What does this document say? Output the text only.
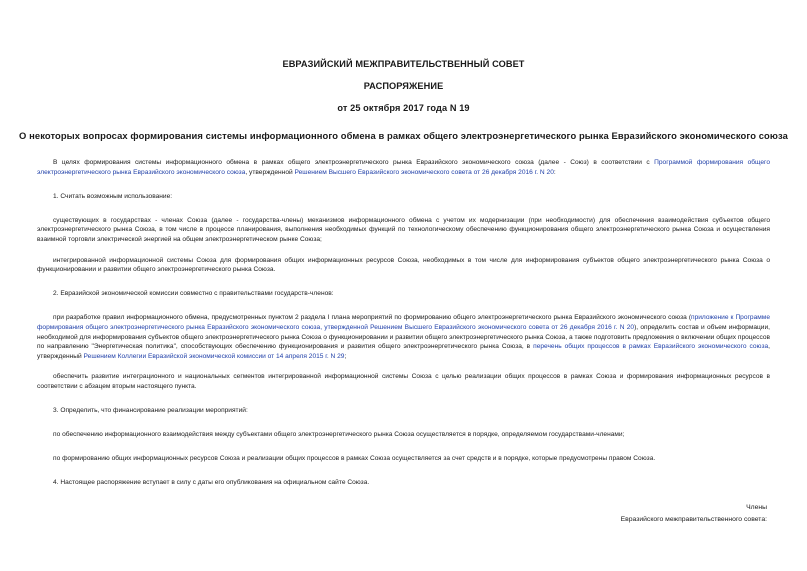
ЕВРАЗИЙСКИЙ МЕЖПРАВИТЕЛЬСТВЕННЫЙ СОВЕТ
РАСПОРЯЖЕНИЕ
от 25 октября 2017 года N 19
О некоторых вопросах формирования системы информационного обмена в рамках общего электроэнергетического рынка Евразийского экономического союза

В целях формирования системы информационного обмена в рамках общего электроэнергетического рынка Евразийского экономического союза (далее - Союз) в соответствии с Программой формирования общего электроэнергетического рынка Евразийского экономического союза, утвержденной Решением Высшего Евразийского экономического совета от 26 декабря 2016 г. N 20:

1. Считать возможным использование:

существующих в государствах - членах Союза (далее - государства-члены) механизмов информационного обмена с учетом их модернизации (при необходимости) для обеспечения взаимодействия субъектов общего электроэнергетического рынка Союза, в том числе в процессе планирования, выполнения необходимых функций по технологическому обеспечению функционирования общего электроэнергетического рынка Союза и осуществления взаимной торговли электрической энергией на общем электроэнергетическом рынке Союза;

интегрированной информационной системы Союза для формирования общих информационных ресурсов Союза, необходимых в том числе для информирования субъектов общего электроэнергетического рынка Союза о функционировании и развитии общего электроэнергетического рынка Союза.

2. Евразийской экономической комиссии совместно с правительствами государств-членов:

при разработке правил информационного обмена, предусмотренных пунктом 2 раздела I плана мероприятий по формированию общего электроэнергетического рынка Евразийского экономического союза (приложение к Программе формирования общего электроэнергетического рынка Евразийского экономического союза, утвержденной Решением Высшего Евразийского экономического совета от 26 декабря 2016 г. N 20), определить состав и объем информации, необходимой для информирования субъектов общего электроэнергетического рынка Союза о функционировании и развитии общего электроэнергетического рынка Союза, а также подготовить предложения о включении общих процессов по направлению "Энергетическая политика", способствующих обеспечению функционирования и развития общего электроэнергетического рынка Союза, в перечень общих процессов в рамках Евразийского экономического союза, утвержденный Решением Коллегии Евразийской экономической комиссии от 14 апреля 2015 г. N 29;

обеспечить развитие интеграционного и национальных сегментов интегрированной информационной системы Союза с целью реализации общих процессов в рамках Союза и формирования информационных ресурсов в соответствии с абзацем вторым настоящего пункта.

3. Определить, что финансирование реализации мероприятий:

по обеспечению информационного взаимодействия между субъектами общего электроэнергетического рынка Союза осуществляется в порядке, определяемом государствами-членами;

по формированию общих информационных ресурсов Союза и реализации общих процессов в рамках Союза осуществляется за счет средств и в порядке, которые предусмотрены правом Союза.

4. Настоящее распоряжение вступает в силу с даты его опубликования на официальном сайте Союза.

Члены
Евразийского межправительственного совета:
